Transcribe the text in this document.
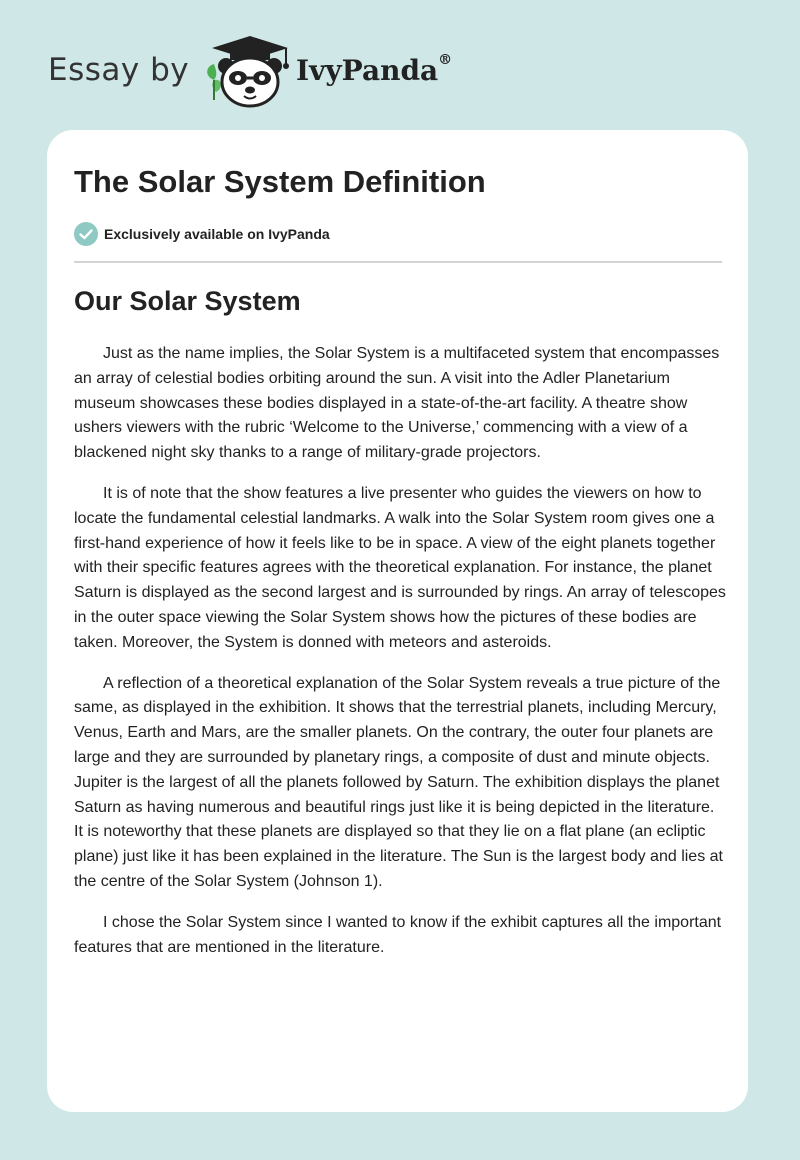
Essay by	IvyPanda®
The Solar System Definition
Exclusively available on IvyPanda
Our Solar System

Just as the name implies, the Solar System is a multifaceted system that encompasses an array of celestial bodies orbiting around the sun. A visit into the Adler Planetarium museum showcases these bodies displayed in a state-of-the-art facility. A theatre show ushers viewers with the rubric ‘Welcome to the Universe,’ commencing with a view of a blackened night sky thanks to a range of military-grade projectors.

It is of note that the show features a live presenter who guides the viewers on how to locate the fundamental celestial landmarks. A walk into the Solar System room gives one a first-hand experience of how it feels like to be in space. A view of the eight planets together with their specific features agrees with the theoretical explanation. For instance, the planet Saturn is displayed as the second largest and is surrounded by rings. An array of telescopes in the outer space viewing the Solar System shows how the pictures of these bodies are taken. Moreover, the System is donned with meteors and asteroids.

A reflection of a theoretical explanation of the Solar System reveals a true picture of the same, as displayed in the exhibition. It shows that the terrestrial planets, including Mercury, Venus, Earth and Mars, are the smaller planets. On the contrary, the outer four planets are large and they are surrounded by planetary rings, a composite of dust and minute objects. Jupiter is the largest of all the planets followed by Saturn. The exhibition displays the planet Saturn as having numerous and beautiful rings just like it is being depicted in the literature. It is noteworthy that these planets are displayed so that they lie on a flat plane (an ecliptic plane) just like it has been explained in the literature. The Sun is the largest body and lies at the centre of the Solar System (Johnson 1).

I chose the Solar System since I wanted to know if the exhibit captures all the important features that are mentioned in the literature.
